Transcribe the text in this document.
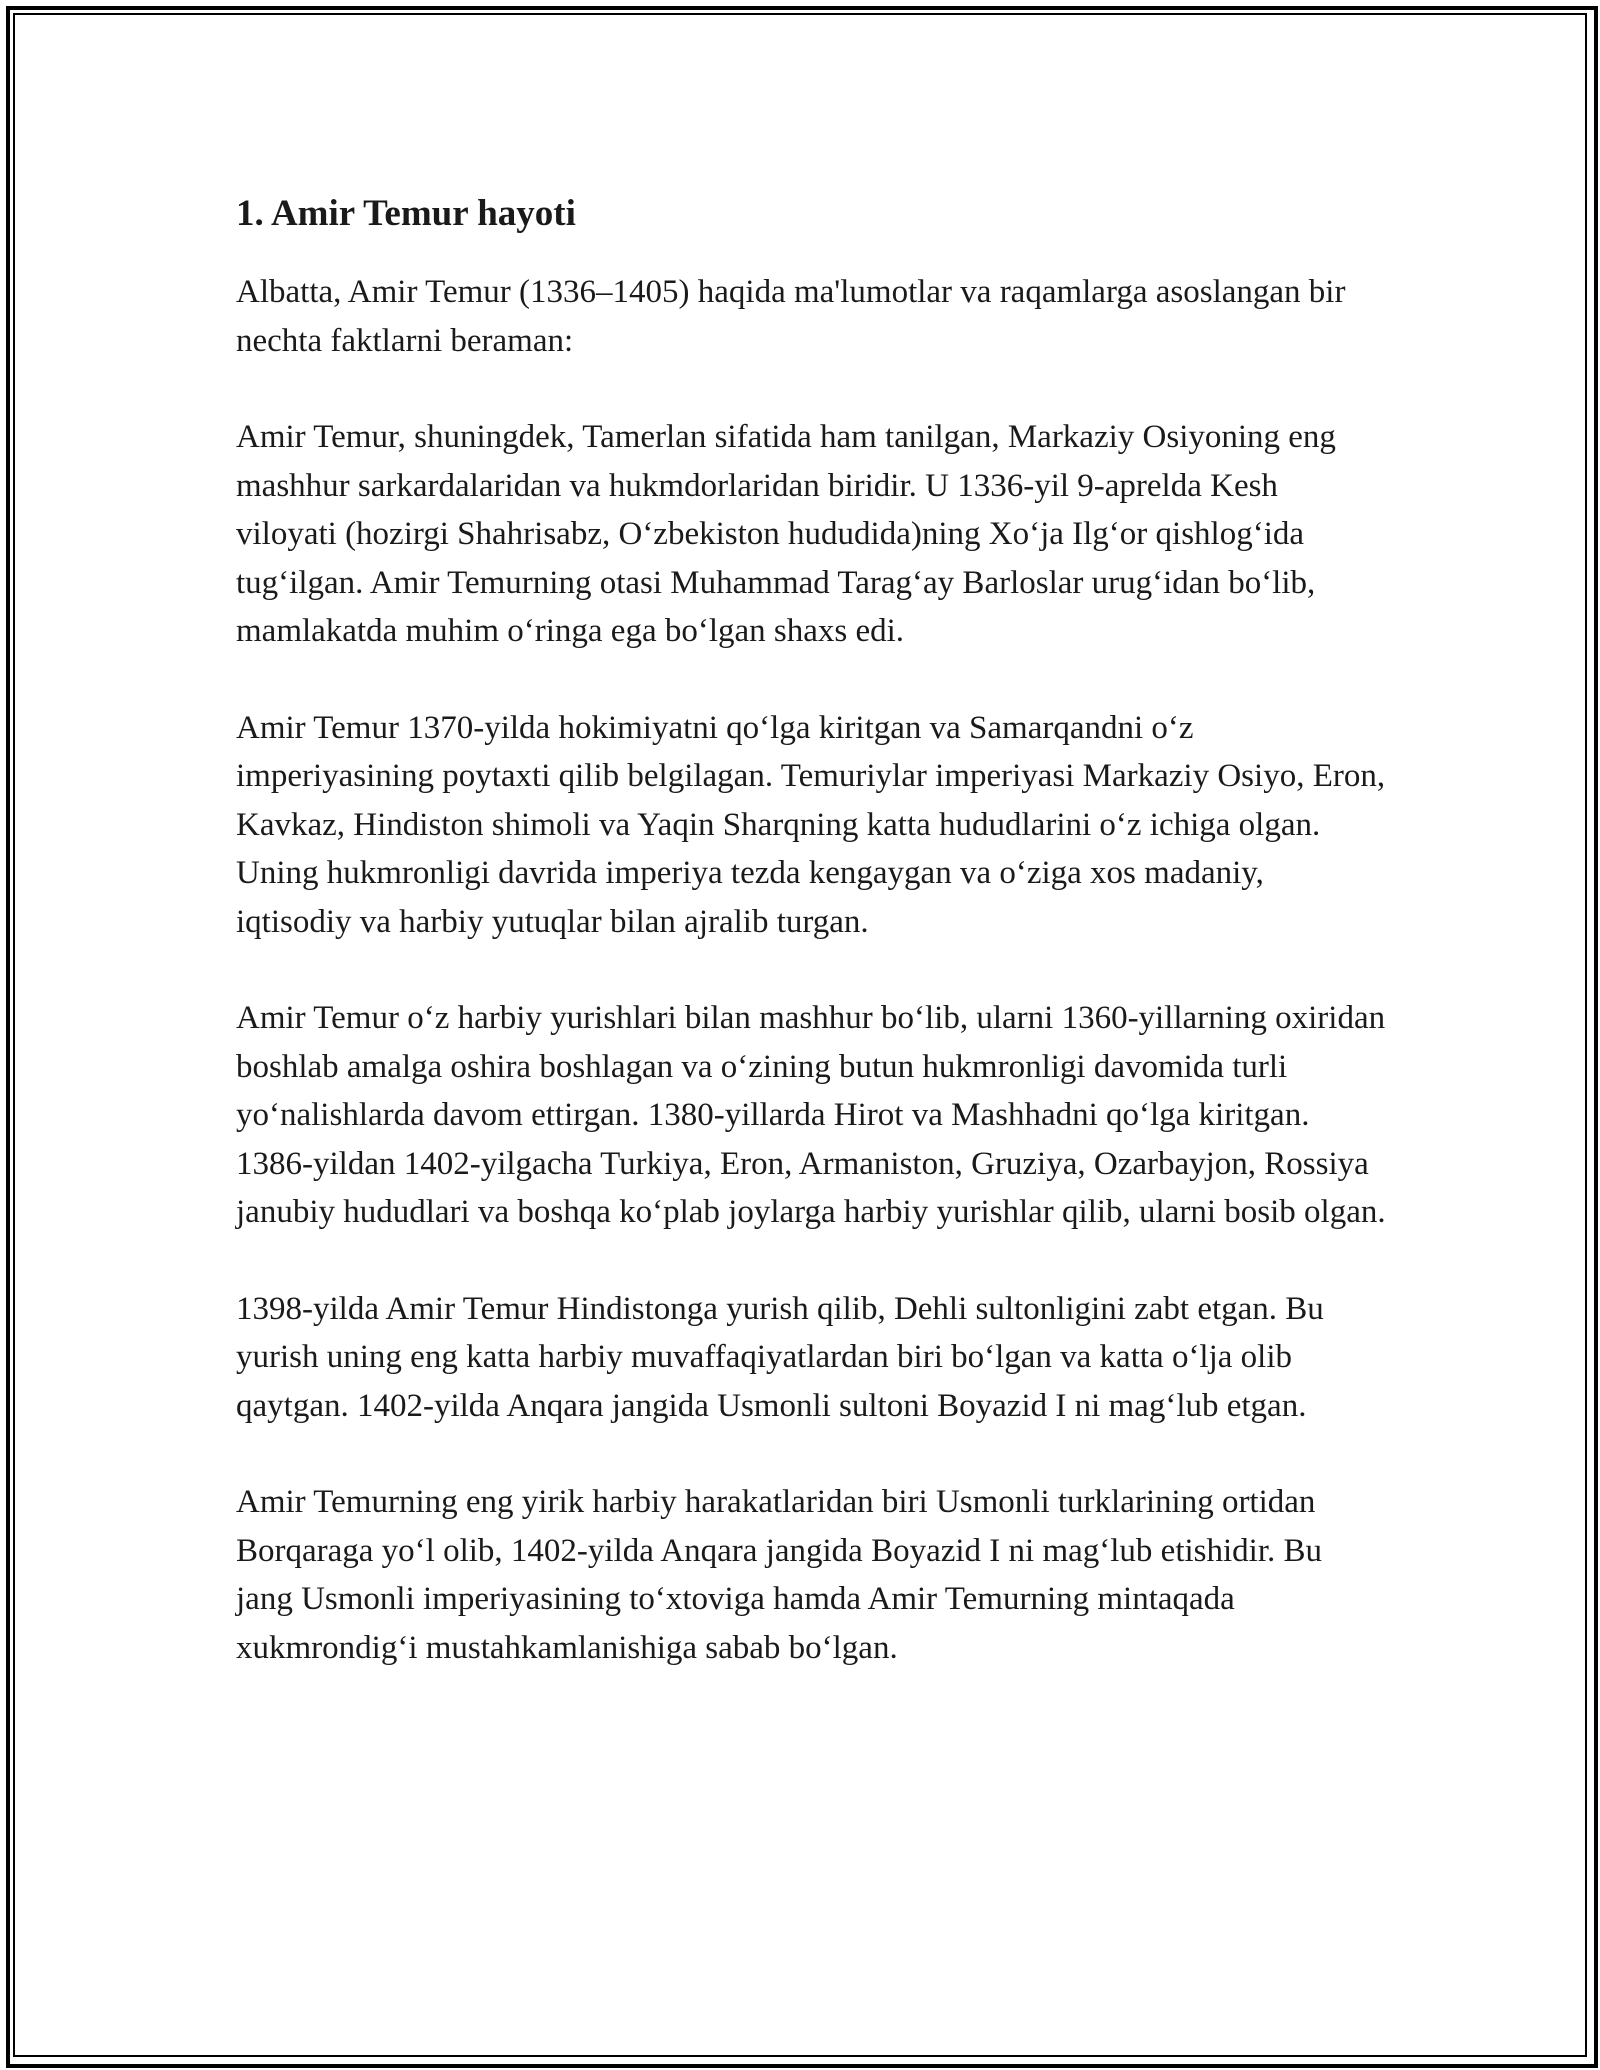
1. Amir Temur hayoti

Albatta, Amir Temur (1336–1405) haqida ma'lumotlar va raqamlarga asoslangan bir nechta faktlarni beraman:

Amir Temur, shuningdek, Tamerlan sifatida ham tanilgan, Markaziy Osiyoning eng mashhur sarkardalaridan va hukmdorlaridan biridir. U 1336-yil 9-aprelda Kesh viloyati (hozirgi Shahrisabz, O‘zbekiston hududida)ning Xo‘ja Ilg‘or qishlog‘ida tug‘ilgan. Amir Temurning otasi Muhammad Tarag‘ay Barloslar urug‘idan bo‘lib, mamlakatda muhim o‘ringa ega bo‘lgan shaxs edi.

Amir Temur 1370-yilda hokimiyatni qo‘lga kiritgan va Samarqandni o‘z imperiyasining poytaxti qilib belgilagan. Temuriylar imperiyasi Markaziy Osiyo, Eron, Kavkaz, Hindiston shimoli va Yaqin Sharqning katta hududlarini o‘z ichiga olgan. Uning hukmronligi davrida imperiya tezda kengaygan va o‘ziga xos madaniy, iqtisodiy va harbiy yutuqlar bilan ajralib turgan.

Amir Temur o‘z harbiy yurishlari bilan mashhur bo‘lib, ularni 1360-yillarning oxiridan boshlab amalga oshira boshlagan va o‘zining butun hukmronligi davomida turli yo‘nalishlarda davom ettirgan. 1380-yillarda Hirot va Mashhadni qo‘lga kiritgan. 1386-yildan 1402-yilgacha Turkiya, Eron, Armaniston, Gruziya, Ozarbayjon, Rossiya janubiy hududlari va boshqa ko‘plab joylarga harbiy yurishlar qilib, ularni bosib olgan.

1398-yilda Amir Temur Hindistonga yurish qilib, Dehli sultonligini zabt etgan. Bu yurish uning eng katta harbiy muvaffaqiyatlardan biri bo‘lgan va katta o‘lja olib qaytgan. 1402-yilda Anqara jangida Usmonli sultoni Boyazid I ni mag‘lub etgan.

Amir Temurning eng yirik harbiy harakatlaridan biri Usmonli turklarining ortidan Borqaraga yo‘l olib, 1402-yilda Anqara jangida Boyazid I ni mag‘lub etishidir. Bu jang Usmonli imperiyasining to‘xtoviga hamda Amir Temurning mintaqada xukmrondig‘i mustahkamlanishiga sabab bo‘lgan.
